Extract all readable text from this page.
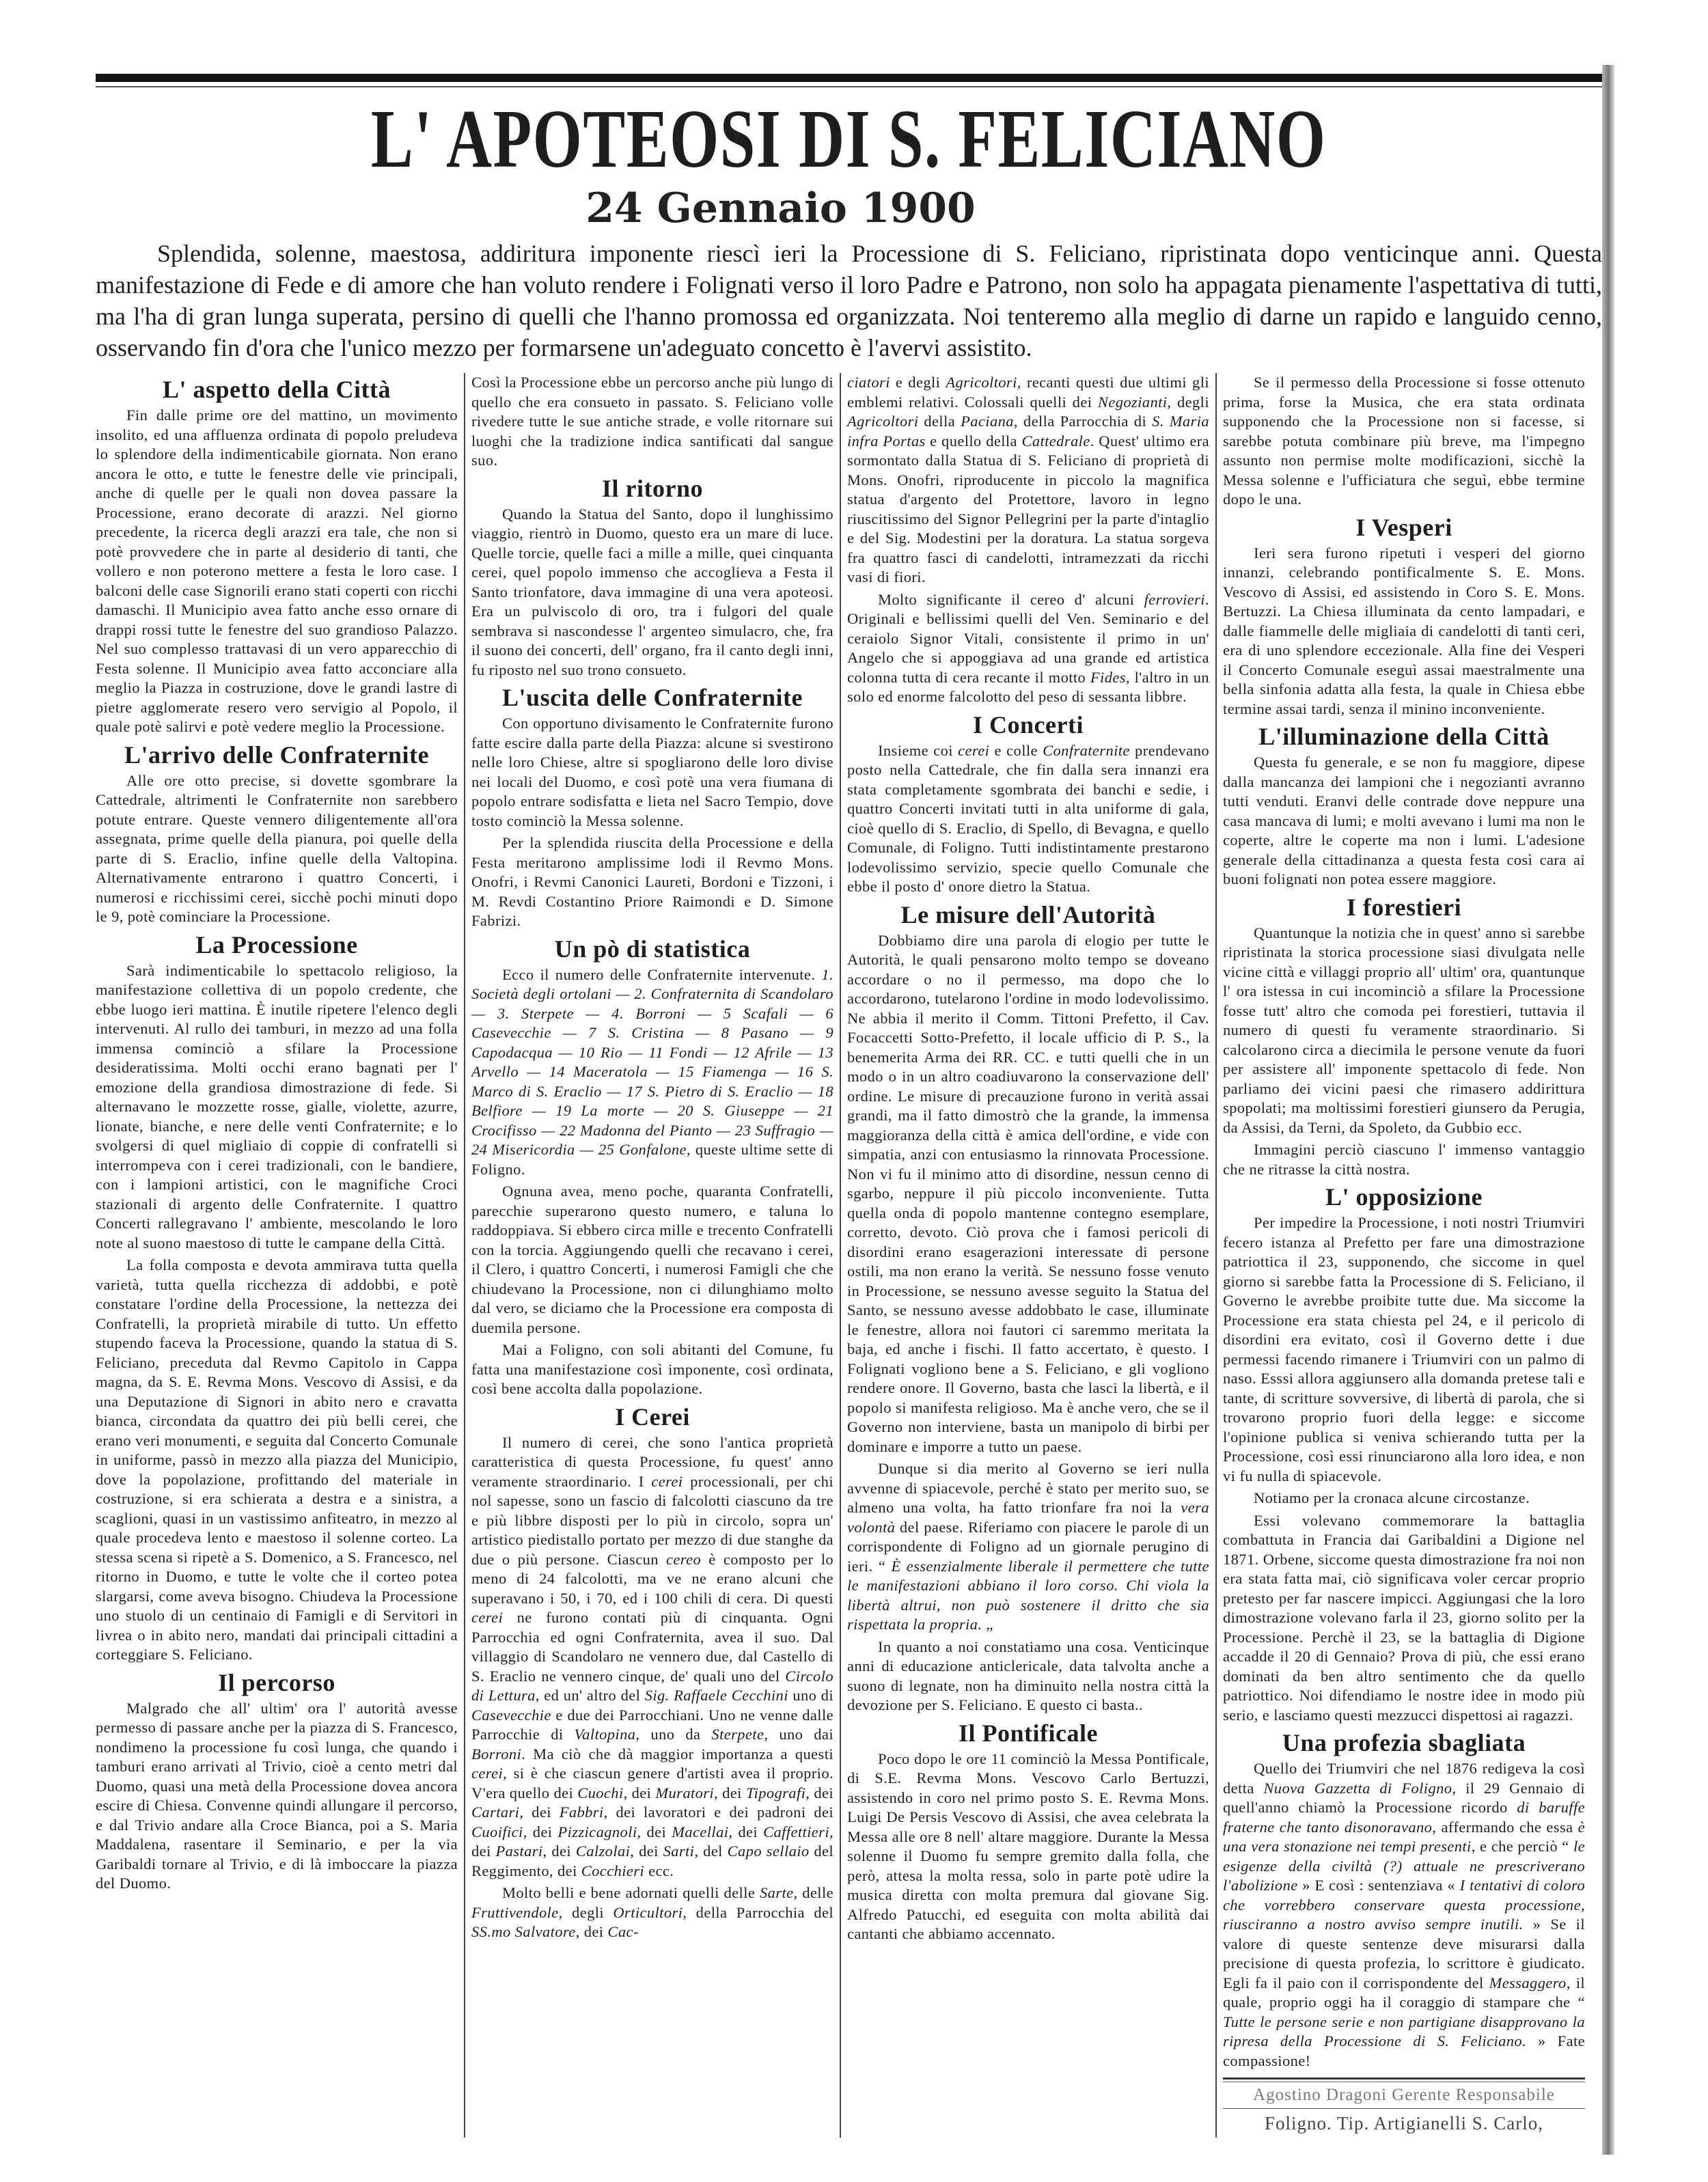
L' APOTEOSI DI S. FELICIANO
24 Gennaio 1900

Splendida, solenne, maestosa, addiritura imponente riescì ieri la Processione di S. Feliciano, ripristinata dopo venticinque anni. Questa manifestazione di Fede e di amore che han voluto rendere i Folignati verso il loro Padre e Patrono, non solo ha appagata pienamente l'aspettativa di tutti, ma l'ha di gran lunga superata, persino di quelli che l'hanno promossa ed organizzata. Noi tenteremo alla meglio di darne un rapido e languido cenno, osservando fin d'ora che l'unico mezzo per formarsene un'adeguato concetto è l'avervi assistito.

L' aspetto della Città

Fin dalle prime ore del mattino, un movimento insolito, ed una affluenza ordinata di popolo preludeva lo splendore della indimenticabile giornata. Non erano ancora le otto, e tutte le fenestre delle vie principali, anche di quelle per le quali non dovea passare la Processione, erano decorate di arazzi. Nel giorno precedente, la ricerca degli arazzi era tale, che non si potè provvedere che in parte al desiderio di tanti, che vollero e non poterono mettere a festa le loro case. I balconi delle case Signorili erano stati coperti con ricchi damaschi. Il Municipio avea fatto anche esso ornare di drappi rossi tutte le fenestre del suo grandioso Palazzo. Nel suo complesso trattavasi di un vero apparecchio di Festa solenne. Il Municipio avea fatto acconciare alla meglio la Piazza in costruzione, dove le grandi lastre di pietre agglomerate resero vero servigio al Popolo, il quale potè salirvi e potè vedere meglio la Processione.

L'arrivo delle Confraternite

Alle ore otto precise, si dovette sgombrare la Cattedrale, altrimenti le Confraternite non sarebbero potute entrare. Queste vennero diligentemente all'ora assegnata, prime quelle della pianura, poi quelle della parte di S. Eraclio, infine quelle della Valtopina. Alternativamente entrarono i quattro Concerti, i numerosi e ricchissimi cerei, sicchè pochi minuti dopo le 9, potè cominciare la Processione.

La Processione

Sarà indimenticabile lo spettacolo religioso, la manifestazione collettiva di un popolo credente, che ebbe luogo ieri mattina. È inutile ripetere l'elenco degli intervenuti. Al rullo dei tamburi, in mezzo ad una folla immensa cominciò a sfilare la Processione desideratissima. Molti occhi erano bagnati per l' emozione della grandiosa dimostrazione di fede. Si alternavano le mozzette rosse, gialle, violette, azurre, lionate, bianche, e nere delle venti Confraternite; e lo svolgersi di quel migliaio di coppie di confratelli si interrompeva con i cerei tradizionali, con le bandiere, con i lampioni artistici, con le magnifiche Croci stazionali di argento delle Confraternite. I quattro Concerti rallegravano l' ambiente, mescolando le loro note al suono maestoso di tutte le campane della Città.

La folla composta e devota ammirava tutta quella varietà, tutta quella ricchezza di addobbi, e potè constatare l'ordine della Processione, la nettezza dei Confratelli, la proprietà mirabile di tutto. Un effetto stupendo faceva la Processione, quando la statua di S. Feliciano, preceduta dal Revmo Capitolo in Cappa magna, da S. E. Revma Mons. Vescovo di Assisi, e da una Deputazione di Signori in abito nero e cravatta bianca, circondata da quattro dei più belli cerei, che erano veri monumenti, e seguita dal Concerto Comunale in uniforme, passò in mezzo alla piazza del Municipio, dove la popolazione, profittando del materiale in costruzione, si era schierata a destra e a sinistra, a scaglioni, quasi in un vastissimo anfiteatro, in mezzo al quale procedeva lento e maestoso il solenne corteo. La stessa scena si ripetè a S. Domenico, a S. Francesco, nel ritorno in Duomo, e tutte le volte che il corteo potea slargarsi, come aveva bisogno. Chiudeva la Processione uno stuolo di un centinaio di Famigli e di Servitori in livrea o in abito nero, mandati dai principali cittadini a corteggiare S. Feliciano.

Il percorso

Malgrado che all' ultim' ora l' autorità avesse permesso di passare anche per la piazza di S. Francesco, nondimeno la processione fu così lunga, che quando i tamburi erano arrivati al Trivio, cioè a cento metri dal Duomo, quasi una metà della Processione dovea ancora escire di Chiesa. Convenne quindi allungare il percorso, e dal Trivio andare alla Croce Bianca, poi a S. Maria Maddalena, rasentare il Seminario, e per la via Garibaldi tornare al Trivio, e di là imboccare la piazza del Duomo.

Così la Processione ebbe un percorso anche più lungo di quello che era consueto in passato. S. Feliciano volle rivedere tutte le sue antiche strade, e volle ritornare sui luoghi che la tradizione indica santificati dal sangue suo.

Il ritorno

Quando la Statua del Santo, dopo il lunghissimo viaggio, rientrò in Duomo, questo era un mare di luce. Quelle torcie, quelle faci a mille a mille, quei cinquanta cerei, quel popolo immenso che accoglieva a Festa il Santo trionfatore, dava immagine di una vera apoteosi. Era un pulviscolo di oro, tra i fulgori del quale sembrava si nascondesse l' argenteo simulacro, che, fra il suono dei concerti, dell' organo, fra il canto degli inni, fu riposto nel suo trono consueto.

L'uscita delle Confraternite

Con opportuno divisamento le Confraternite furono fatte escire dalla parte della Piazza: alcune si svestirono nelle loro Chiese, altre si spogliarono delle loro divise nei locali del Duomo, e così potè una vera fiumana di popolo entrare sodisfatta e lieta nel Sacro Tempio, dove tosto cominciò la Messa solenne.

Per la splendida riuscita della Processione e della Festa meritarono amplissime lodi il Revmo Mons. Onofri, i Revmi Canonici Laureti, Bordoni e Tizzoni, i M. Revdi Costantino Priore Raimondi e D. Simone Fabrizi.

Un pò di statistica

Ecco il numero delle Confraternite intervenute. 1. Società degli ortolani — 2. Confraternita di Scandolaro — 3. Sterpete — 4. Borroni — 5 Scafali — 6 Casevecchie — 7 S. Cristina — 8 Pasano — 9 Capodacqua — 10 Rio — 11 Fondi — 12 Afrile — 13 Arvello — 14 Maceratola — 15 Fiamenga — 16 S. Marco di S. Eraclio — 17 S. Pietro di S. Eraclio — 18 Belfiore — 19 La morte — 20 S. Giuseppe — 21 Crocifisso — 22 Madonna del Pianto — 23 Suffragio — 24 Misericordia — 25 Gonfalone, queste ultime sette di Foligno.

Ognuna avea, meno poche, quaranta Confratelli, parecchie superarono questo numero, e taluna lo raddoppiava. Si ebbero circa mille e trecento Confratelli con la torcia. Aggiungendo quelli che recavano i cerei, il Clero, i quattro Concerti, i numerosi Famigli che che chiudevano la Processione, non ci dilunghiamo molto dal vero, se diciamo che la Processione era composta di duemila persone.

Mai a Foligno, con soli abitanti del Comune, fu fatta una manifestazione così imponente, così ordinata, così bene accolta dalla popolazione.

I Cerei

Il numero di cerei, che sono l'antica proprietà caratteristica di questa Processione, fu quest' anno veramente straordinario. I cerei processionali, per chi nol sapesse, sono un fascio di falcolotti ciascuno da tre e più libbre disposti per lo più in circolo, sopra un' artistico piedistallo portato per mezzo di due stanghe da due o più persone. Ciascun cereo è composto per lo meno di 24 falcolotti, ma ve ne erano alcuni che superavano i 50, i 70, ed i 100 chili di cera. Di questi cerei ne furono contati più di cinquanta. Ogni Parrocchia ed ogni Confraternita, avea il suo. Dal villaggio di Scandolaro ne vennero due, dal Castello di S. Eraclio ne vennero cinque, de' quali uno del Circolo di Lettura, ed un' altro del Sig. Raffaele Cecchini uno di Casevecchie e due dei Parrocchiani. Uno ne venne dalle Parrocchie di Valtopina, uno da Sterpete, uno dai Borroni. Ma ciò che dà maggior importanza a questi cerei, si è che ciascun genere d'artisti avea il proprio. V'era quello dei Cuochi, dei Muratori, dei Tipografi, dei Cartari, dei Fabbri, dei lavoratori e dei padroni dei Cuoifici, dei Pizzicagnoli, dei Macellai, dei Caffettieri, dei Pastari, dei Calzolai, dei Sarti, del Capo sellaio del Reggimento, dei Cocchieri ecc.

Molto belli e bene adornati quelli delle Sarte, delle Fruttivendole, degli Orticultori, della Parrocchia del SS.mo Salvatore, dei Cac-

ciatori e degli Agricoltori, recanti questi due ultimi gli emblemi relativi. Colossali quelli dei Negozianti, degli Agricoltori della Paciana, della Parrocchia di S. Maria infra Portas e quello della Cattedrale. Quest' ultimo era sormontato dalla Statua di S. Feliciano di proprietà di Mons. Onofri, riproducente in piccolo la magnifica statua d'argento del Protettore, lavoro in legno riuscitissimo del Signor Pellegrini per la parte d'intaglio e del Sig. Modestini per la doratura. La statua sorgeva fra quattro fasci di candelotti, intramezzati da ricchi vasi di fiori.

Molto significante il cereo d' alcuni ferrovieri. Originali e bellissimi quelli del Ven. Seminario e del ceraiolo Signor Vitali, consistente il primo in un' Angelo che si appoggiava ad una grande ed artistica colonna tutta di cera recante il motto Fides, l'altro in un solo ed enorme falcolotto del peso di sessanta libbre.

I Concerti

Insieme coi cerei e colle Confraternite prendevano posto nella Cattedrale, che fin dalla sera innanzi era stata completamente sgombrata dei banchi e sedie, i quattro Concerti invitati tutti in alta uniforme di gala, cioè quello di S. Eraclio, di Spello, di Bevagna, e quello Comunale, di Foligno. Tutti indistintamente prestarono lodevolissimo servizio, specie quello Comunale che ebbe il posto d' onore dietro la Statua.

Le misure dell'Autorità

Dobbiamo dire una parola di elogio per tutte le Autorità, le quali pensarono molto tempo se doveano accordare o no il permesso, ma dopo che lo accordarono, tutelarono l'ordine in modo lodevolissimo. Ne abbia il merito il Comm. Tittoni Prefetto, il Cav. Focaccetti Sotto-Prefetto, il locale ufficio di P. S., la benemerita Arma dei RR. CC. e tutti quelli che in un modo o in un altro coadiuvarono la conservazione dell' ordine. Le misure di precauzione furono in verità assai grandi, ma il fatto dimostrò che la grande, la immensa maggioranza della città è amica dell'ordine, e vide con simpatia, anzi con entusiasmo la rinnovata Processione. Non vi fu il minimo atto di disordine, nessun cenno di sgarbo, neppure il più piccolo inconveniente. Tutta quella onda di popolo mantenne contegno esemplare, corretto, devoto. Ciò prova che i famosi pericoli di disordini erano esagerazioni interessate di persone ostili, ma non erano la verità. Se nessuno fosse venuto in Processione, se nessuno avesse seguito la Statua del Santo, se nessuno avesse addobbato le case, illuminate le fenestre, allora noi fautori ci saremmo meritata la baja, ed anche i fischi. Il fatto accertato, è questo. I Folignati vogliono bene a S. Feliciano, e gli vogliono rendere onore. Il Governo, basta che lasci la libertà, e il popolo si manifesta religioso. Ma è anche vero, che se il Governo non interviene, basta un manipolo di birbi per dominare e imporre a tutto un paese.

Dunque si dia merito al Governo se ieri nulla avvenne di spiacevole, perché è stato per merito suo, se almeno una volta, ha fatto trionfare fra noi la vera volontà del paese. Riferiamo con piacere le parole di un corrispondente di Foligno ad un giornale perugino di ieri. “ È essenzialmente liberale il permettere che tutte le manifestazioni abbiano il loro corso. Chi viola la libertà altrui, non può sostenere il dritto che sia rispettata la propria. „

In quanto a noi constatiamo una cosa. Venticinque anni di educazione anticlericale, data talvolta anche a suono di legnate, non ha diminuito nella nostra città la devozione per S. Feliciano. E questo ci basta..

Il Pontificale

Poco dopo le ore 11 cominciò la Messa Pontificale, di S.E. Revma Mons. Vescovo Carlo Bertuzzi, assistendo in coro nel primo posto S. E. Revma Mons. Luigi De Persis Vescovo di Assisi, che avea celebrata la Messa alle ore 8 nell' altare maggiore. Durante la Messa solenne il Duomo fu sempre gremito dalla folla, che però, attesa la molta ressa, solo in parte potè udire la musica diretta con molta premura dal giovane Sig. Alfredo Patucchi, ed eseguita con molta abilità dai cantanti che abbiamo accennato.

Se il permesso della Processione si fosse ottenuto prima, forse la Musica, che era stata ordinata supponendo che la Processione non si facesse, si sarebbe potuta combinare più breve, ma l'impegno assunto non permise molte modificazioni, sicchè la Messa solenne e l'ufficiatura che seguì, ebbe termine dopo le una.

I Vesperi

Ieri sera furono ripetuti i vesperi del giorno innanzi, celebrando pontificalmente S. E. Mons. Vescovo di Assisi, ed assistendo in Coro S. E. Mons. Bertuzzi. La Chiesa illuminata da cento lampadari, e dalle fiammelle delle migliaia di candelotti di tanti ceri, era di uno splendore eccezionale. Alla fine dei Vesperi il Concerto Comunale eseguì assai maestralmente una bella sinfonia adatta alla festa, la quale in Chiesa ebbe termine assai tardi, senza il minino inconveniente.

L'illuminazione della Città

Questa fu generale, e se non fu maggiore, dipese dalla mancanza dei lampioni che i negozianti avranno tutti venduti. Eranvi delle contrade dove neppure una casa mancava di lumi; e molti avevano i lumi ma non le coperte, altre le coperte ma non i lumi. L'adesione generale della cittadinanza a questa festa così cara ai buoni folignati non potea essere maggiore.

I forestieri

Quantunque la notizia che in quest' anno si sarebbe ripristinata la storica processione siasi divulgata nelle vicine città e villaggi proprio all' ultim' ora, quantunque l' ora istessa in cui incominciò a sfilare la Processione fosse tutt' altro che comoda pei forestieri, tuttavia il numero di questi fu veramente straordinario. Si calcolarono circa a diecimila le persone venute da fuori per assistere all' imponente spettacolo di fede. Non parliamo dei vicini paesi che rimasero addirittura spopolati; ma moltissimi forestieri giunsero da Perugia, da Assisi, da Terni, da Spoleto, da Gubbio ecc.

Immagini perciò ciascuno l' immenso vantaggio che ne ritrasse la città nostra.

L' opposizione

Per impedire la Processione, i noti nostri Triumviri fecero istanza al Prefetto per fare una dimostrazione patriottica il 23, supponendo, che siccome in quel giorno si sarebbe fatta la Processione di S. Feliciano, il Governo le avrebbe proibite tutte due. Ma siccome la Processione era stata chiesta pel 24, e il pericolo di disordini era evitato, così il Governo dette i due permessi facendo rimanere i Triumviri con un palmo di naso. Esssi allora aggiunsero alla domanda pretese tali e tante, di scritture sovversive, di libertà di parola, che si trovarono proprio fuori della legge: e siccome l'opinione publica si veniva schierando tutta per la Processione, così essi rinunciarono alla loro idea, e non vi fu nulla di spiacevole.

Notiamo per la cronaca alcune circostanze.

Essi volevano commemorare la battaglia combattuta in Francia dai Garibaldini a Digione nel 1871. Orbene, siccome questa dimostrazione fra noi non era stata fatta mai, ciò significava voler cercar proprio pretesto per far nascere impicci. Aggiungasi che la loro dimostrazione volevano farla il 23, giorno solito per la Processione. Perchè il 23, se la battaglia di Digione accadde il 20 di Gennaio? Prova di più, che essi erano dominati da ben altro sentimento che da quello patriottico. Noi difendiamo le nostre idee in modo più serio, e lasciamo questi mezzucci dispettosi ai ragazzi.

Una profezia sbagliata

Quello dei Triumviri che nel 1876 redigeva la così detta Nuova Gazzetta di Foligno, il 29 Gennaio di quell'anno chiamò la Processione ricordo di baruffe fraterne che tanto disonoravano, affermando che essa è una vera stonazione nei tempi presenti, e che perciò “ le esigenze della civiltà (?) attuale ne prescriverano l'abolizione » E così : sentenziava « I tentativi di coloro che vorrebbero conservare questa processione, riusciranno a nostro avviso sempre inutili. » Se il valore di queste sentenze deve misurarsi dalla precisione di questa profezia, lo scrittore è giudicato. Egli fa il paio con il corrispondente del Messaggero, il quale, proprio oggi ha il coraggio di stampare che “ Tutte le persone serie e non partigiane disapprovano la ripresa della Processione di S. Feliciano. » Fate compassione!

Agostino Dragoni Gerente Responsabile
Foligno. Tip. Artigianelli S. Carlo,
